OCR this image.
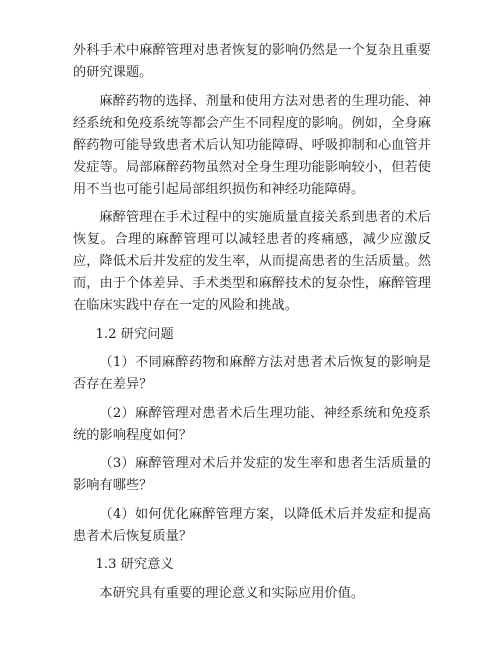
外科手术中麻醉管理对患者恢复的影响仍然是一个复杂且重要的研究课题。

麻醉药物的选择、剂量和使用方法对患者的生理功能、神经系统和免疫系统等都会产生不同程度的影响。例如，全身麻醉药物可能导致患者术后认知功能障碍、呼吸抑制和心血管并发症等。局部麻醉药物虽然对全身生理功能影响较小，但若使用不当也可能引起局部组织损伤和神经功能障碍。

麻醉管理在手术过程中的实施质量直接关系到患者的术后恢复。合理的麻醉管理可以减轻患者的疼痛感，减少应激反应，降低术后并发症的发生率，从而提高患者的生活质量。然而，由于个体差异、手术类型和麻醉技术的复杂性，麻醉管理在临床实践中存在一定的风险和挑战。

1.2 研究问题

（1）不同麻醉药物和麻醉方法对患者术后恢复的影响是否存在差异？

（2）麻醉管理对患者术后生理功能、神经系统和免疫系统的影响程度如何？

（3）麻醉管理对术后并发症的发生率和患者生活质量的影响有哪些？

（4）如何优化麻醉管理方案，以降低术后并发症和提高患者术后恢复质量？

1.3 研究意义

本研究具有重要的理论意义和实际应用价值。
